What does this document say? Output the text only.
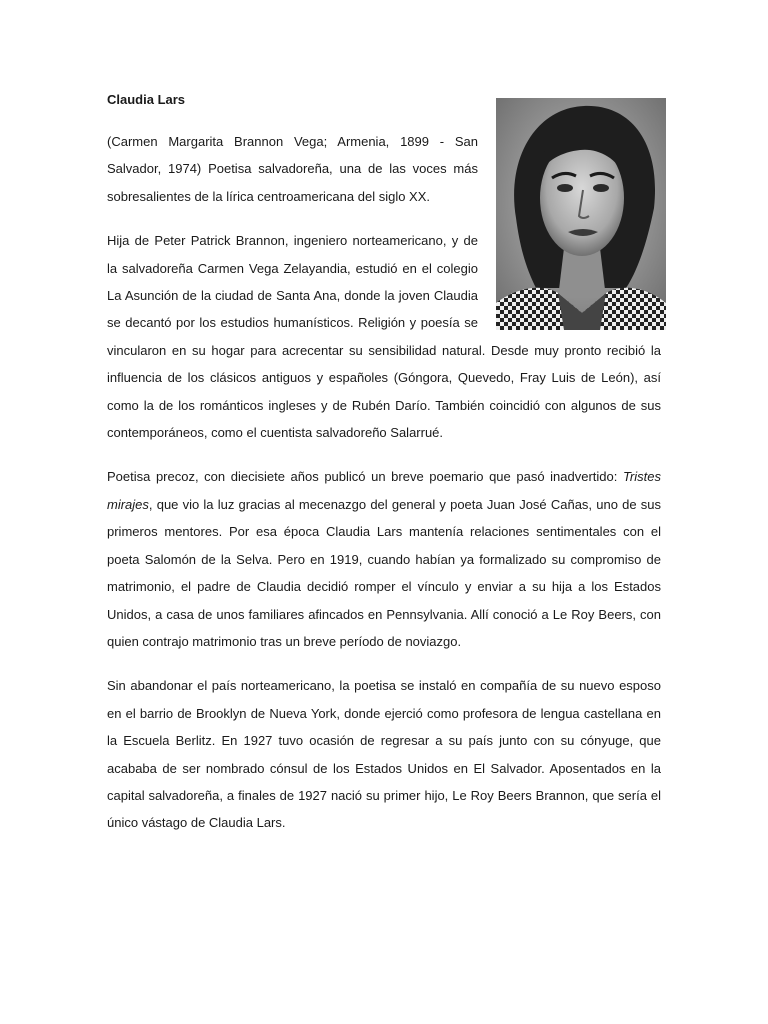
Claudia Lars

(Carmen Margarita Brannon Vega; Armenia, 1899 - San Salvador, 1974) Poetisa salvadoreña, una de las voces más sobresalientes de la lírica centroamericana del siglo XX.

Hija de Peter Patrick Brannon, ingeniero norteamericano, y de la salvadoreña Carmen Vega Zelayandia, estudió en el colegio La Asunción de la ciudad de Santa Ana, donde la joven Claudia se decantó por los estudios humanísticos. Religión y poesía se vincularon en su hogar para acrecentar su sensibilidad natural. Desde muy pronto recibió la influencia de los clásicos antiguos y españoles (Góngora, Quevedo, Fray Luis de León), así como la de los románticos ingleses y de Rubén Darío. También coincidió con algunos de sus contemporáneos, como el cuentista salvadoreño Salarrué.

Poetisa precoz, con diecisiete años publicó un breve poemario que pasó inadvertido: Tristes mirajes, que vio la luz gracias al mecenazgo del general y poeta Juan José Cañas, uno de sus primeros mentores. Por esa época Claudia Lars mantenía relaciones sentimentales con el poeta Salomón de la Selva. Pero en 1919, cuando habían ya formalizado su compromiso de matrimonio, el padre de Claudia decidió romper el vínculo y enviar a su hija a los Estados Unidos, a casa de unos familiares afincados en Pennsylvania. Allí conoció a Le Roy Beers, con quien contrajo matrimonio tras un breve período de noviazgo.

Sin abandonar el país norteamericano, la poetisa se instaló en compañía de su nuevo esposo en el barrio de Brooklyn de Nueva York, donde ejerció como profesora de lengua castellana en la Escuela Berlitz. En 1927 tuvo ocasión de regresar a su país junto con su cónyuge, que acababa de ser nombrado cónsul de los Estados Unidos en El Salvador. Aposentados en la capital salvadoreña, a finales de 1927 nació su primer hijo, Le Roy Beers Brannon, que sería el único vástago de Claudia Lars.
